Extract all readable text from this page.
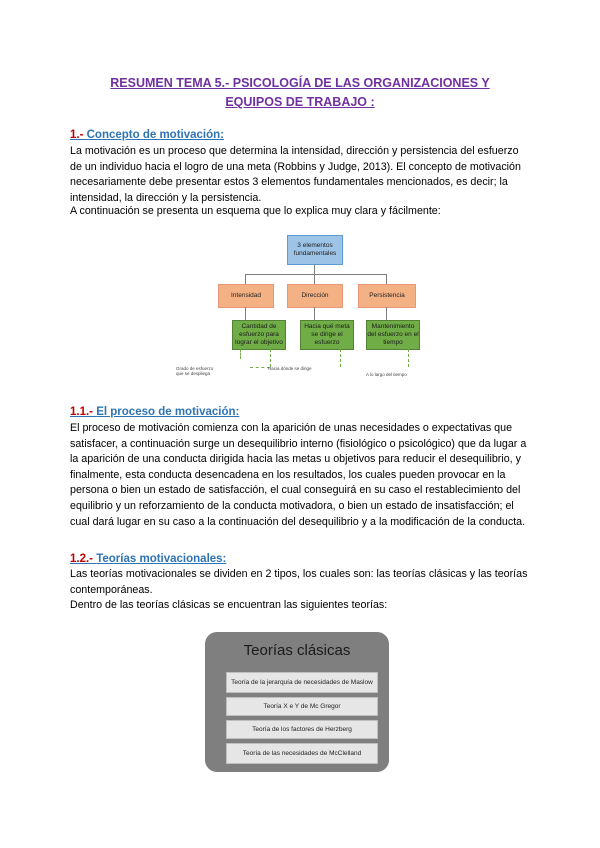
RESUMEN TEMA 5.- PSICOLOGÍA DE LAS ORGANIZACIONES Y
EQUIPOS DE TRABAJO :
1.- Concepto de motivación:
La motivación es un proceso que determina la intensidad, dirección y persistencia del esfuerzo de un individuo hacia el logro de una meta (Robbins y Judge, 2013). El concepto de motivación necesariamente debe presentar estos 3 elementos fundamentales mencionados, es decir; la intensidad, la dirección y la persistencia.
A continuación se presenta un esquema que lo explica muy clara y fácilmente:
3 elementos fundamentales
Intensidad	Dirección	Persistencia
Cantidad de esfuerzo para lograr el objetivo
Hacia qué meta se dirige el esfuerzo
Mantenimiento del esfuerzo en el tiempo
Grado de esfuerzo
que se despliega
Hacia dónde se dirige
A lo largo del tiempo
1.1.- El proceso de motivación:
El proceso de motivación comienza con la aparición de unas necesidades o expectativas que satisfacer, a continuación surge un desequilibrio interno (fisiológico o psicológico) que da lugar a la aparición de una conducta dirigida hacia las metas u objetivos para reducir el desequilibrio, y finalmente, esta conducta desencadena en los resultados, los cuales pueden provocar en la persona o bien un estado de satisfacción, el cual conseguirá en su caso el restablecimiento del equilibrio y un reforzamiento de la conducta motivadora, o bien un estado de insatisfacción; el cual dará lugar en su caso a la continuación del desequilibrio y a la modificación de la conducta.
1.2.- Teorías motivacionales:
Las teorías motivacionales se dividen en 2 tipos, los cuales son: las teorías clásicas y las teorías contemporáneas.
Dentro de las teorías clásicas se encuentran las siguientes teorías:
Teorías clásicas
Teoría de la jerarquía de necesidades de Maslow
Teoría X e Y de Mc Gregor
Teoría de los factores de Herzberg
Teoría de las necesidades de McClelland
